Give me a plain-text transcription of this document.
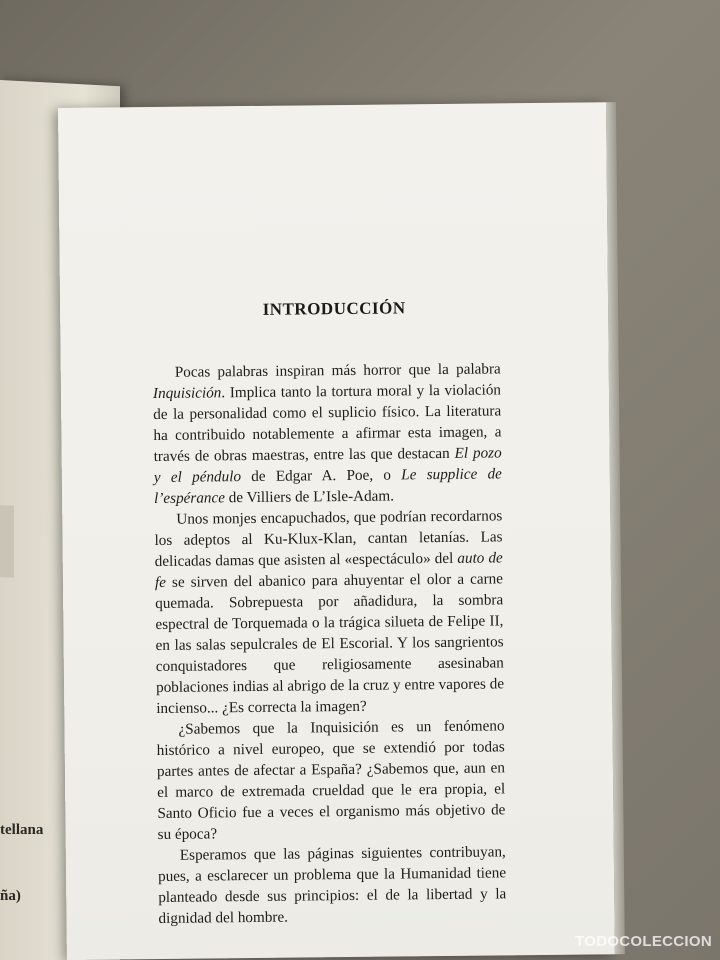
tellana
ña)
INTRODUCCIÓN

Pocas palabras inspiran más horror que la palabra Inquisición. Implica tanto la tortura moral y la violación de la personalidad como el suplicio físico. La literatura ha contribuido notablemente a afirmar esta imagen, a través de obras maestras, entre las que destacan El pozo y el péndulo de Edgar A. Poe, o Le supplice de l’espérance de Villiers de L’Isle-Adam.

Unos monjes encapuchados, que podrían recordarnos los adeptos al Ku-Klux-Klan, cantan letanías. Las delicadas damas que asisten al «espectáculo» del auto de fe se sirven del abanico para ahuyentar el olor a carne quemada. Sobrepuesta por añadidura, la sombra espectral de Torquemada o la trágica silueta de Felipe II, en las salas sepulcrales de El Escorial. Y los sangrientos conquistadores que religiosamente asesinaban poblaciones indias al abrigo de la cruz y entre vapores de incienso... ¿Es correcta la imagen?

¿Sabemos que la Inquisición es un fenómeno histórico a nivel europeo, que se extendió por todas partes antes de afectar a España? ¿Sabemos que, aun en el marco de extremada crueldad que le era propia, el Santo Oficio fue a veces el organismo más objetivo de su época?

Esperamos que las páginas siguientes contribuyan, pues, a esclarecer un problema que la Humanidad tiene planteado desde sus principios: el de la libertad y la dignidad del hombre.

TODOCOLECCION
